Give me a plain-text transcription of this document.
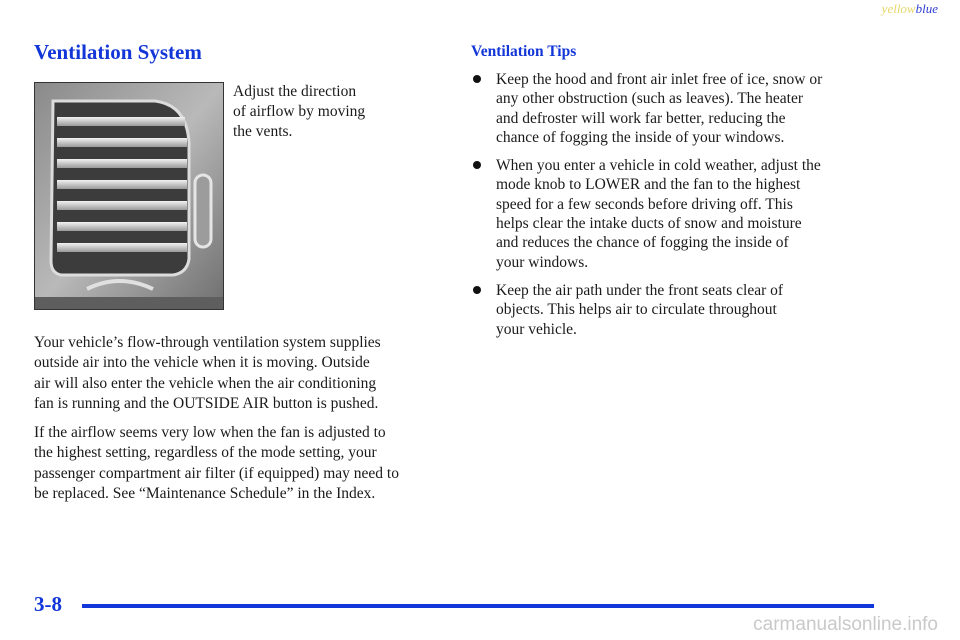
yellowblue
Ventilation System

Adjust the direction
of airflow by moving
the vents.

Your vehicle’s flow‑through ventilation system supplies
outside air into the vehicle when it is moving. Outside
air will also enter the vehicle when the air conditioning
fan is running and the OUTSIDE AIR button is pushed.

If the airflow seems very low when the fan is adjusted to
the highest setting, regardless of the mode setting, your
passenger compartment air filter (if equipped) may need to
be replaced. See “Maintenance Schedule” in the Index.

Ventilation Tips
Keep the hood and front air inlet free of ice, snow or
any other obstruction (such as leaves). The heater
and defroster will work far better, reducing the
chance of fogging the inside of your windows.
When you enter a vehicle in cold weather, adjust the
mode knob to LOWER and the fan to the highest
speed for a few seconds before driving off. This
helps clear the intake ducts of snow and moisture
and reduces the chance of fogging the inside of
your windows.
Keep the air path under the front seats clear of
objects. This helps air to circulate throughout
your vehicle.
3-8
carmanualsonline.info
